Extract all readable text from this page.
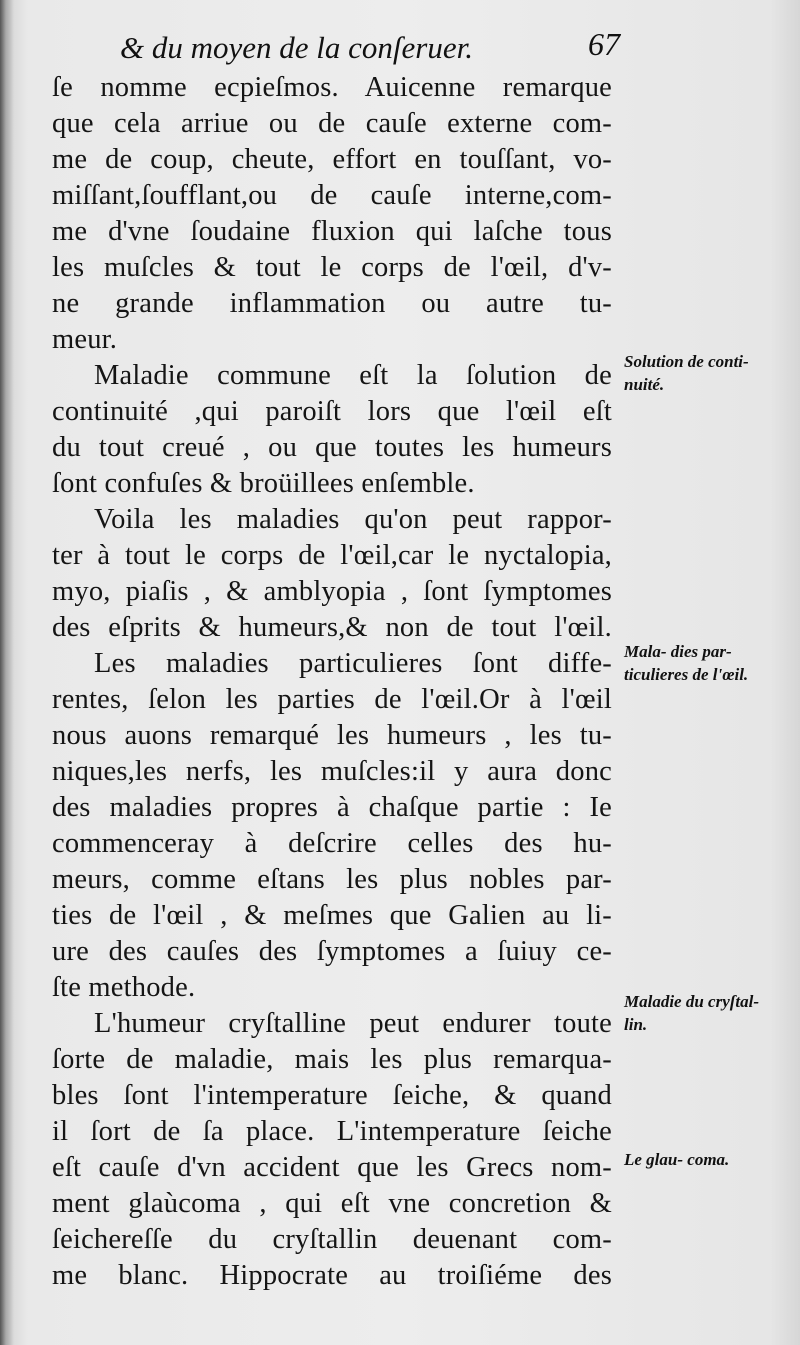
& du moyen de la conſeruer.	67
ſe nomme ecpieſmos. Auicenne remarque
que cela arriue ou de cauſe externe com-
me de coup, cheute, effort en touſſant, vo-
miſſant,ſoufflant,ou de cauſe interne,com-
me d'vne ſoudaine fluxion qui laſche tous
les muſcles & tout le corps de l'œil, d'v-
ne grande inflammation ou autre tu-
meur.
Maladie commune eſt la ſolution de
continuité ,qui paroiſt lors que l'œil eſt
du tout creué , ou que toutes les humeurs
ſont confuſes & broüillees enſemble.
Voila les maladies qu'on peut rappor-
ter à tout le corps de l'œil,car le nyctalopia,
myo, piaſis , & amblyopia , ſont ſymptomes
des eſprits & humeurs,& non de tout l'œil.
Les maladies particulieres ſont diffe-
rentes, ſelon les parties de l'œil.Or à l'œil
nous auons remarqué les humeurs , les tu-
niques,les nerfs, les muſcles:il y aura donc
des maladies propres à chaſque partie : Ie
commenceray à deſcrire celles des hu-
meurs, comme eſtans les plus nobles par-
ties de l'œil , & meſmes que Galien au li-
ure des cauſes des ſymptomes a ſuiuy ce-
ſte methode.
L'humeur cryſtalline peut endurer toute
ſorte de maladie, mais les plus remarqua-
bles ſont l'intemperature ſeiche, & quand
il ſort de ſa place. L'intemperature ſeiche
eſt cauſe d'vn accident que les Grecs nom-
ment glaùcoma , qui eſt vne concretion &
ſeicherеſſe du cryſtallin deuenant com-
me blanc. Hippocrate au troiſiéme des
Solution de conti- nuité.
Mala- dies par- ticulieres de l'œil.
Maladie du cryſtal- lin.
Le glau- coma.
